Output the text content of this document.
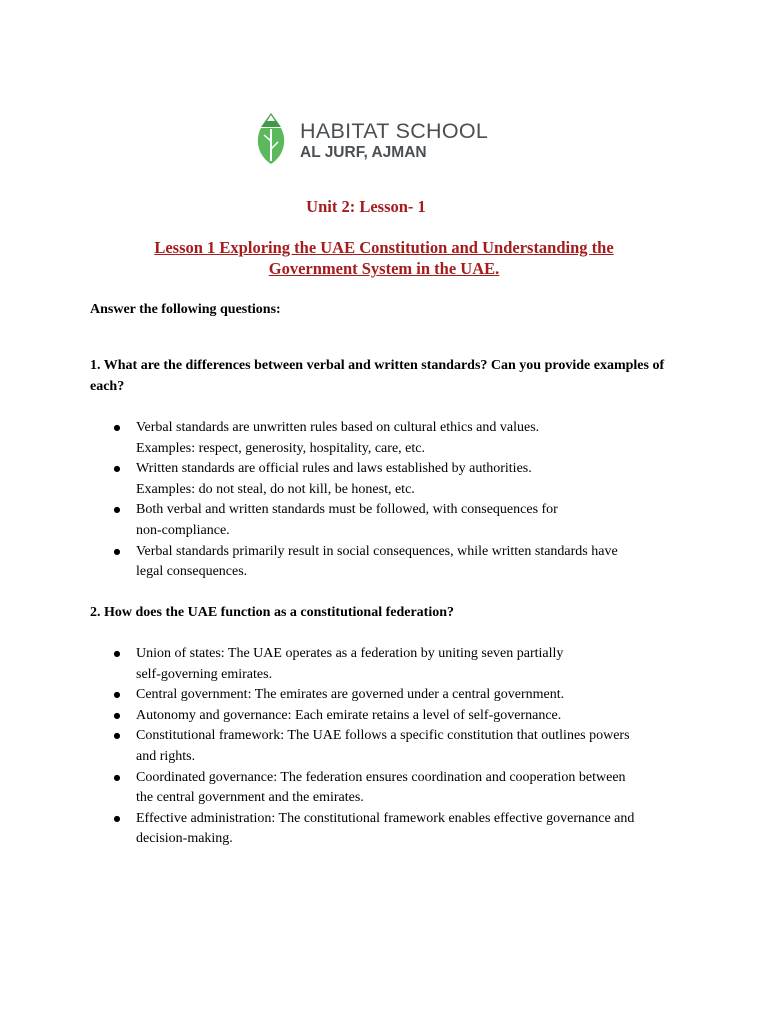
HABITAT SCHOOL
AL JURF, AJMAN
Unit 2: Lesson- 1
Lesson 1 Exploring the UAE Constitution and Understanding the Government System in the UAE.
Answer the following questions:
1. What are the differences between verbal and written standards? Can you provide examples of each?
● Verbal standards are unwritten rules based on cultural ethics and values.
Examples: respect, generosity, hospitality, care, etc.
● Written standards are official rules and laws established by authorities.
Examples: do not steal, do not kill, be honest, etc.
● Both verbal and written standards must be followed, with consequences for
non-compliance.
● Verbal standards primarily result in social consequences, while written standards have
legal consequences.
2. How does the UAE function as a constitutional federation?
● Union of states: The UAE operates as a federation by uniting seven partially
self-governing emirates.
● Central government: The emirates are governed under a central government.
● Autonomy and governance: Each emirate retains a level of self-governance.
● Constitutional framework: The UAE follows a specific constitution that outlines powers
and rights.
● Coordinated governance: The federation ensures coordination and cooperation between
the central government and the emirates.
● Effective administration: The constitutional framework enables effective governance and
decision-making.
